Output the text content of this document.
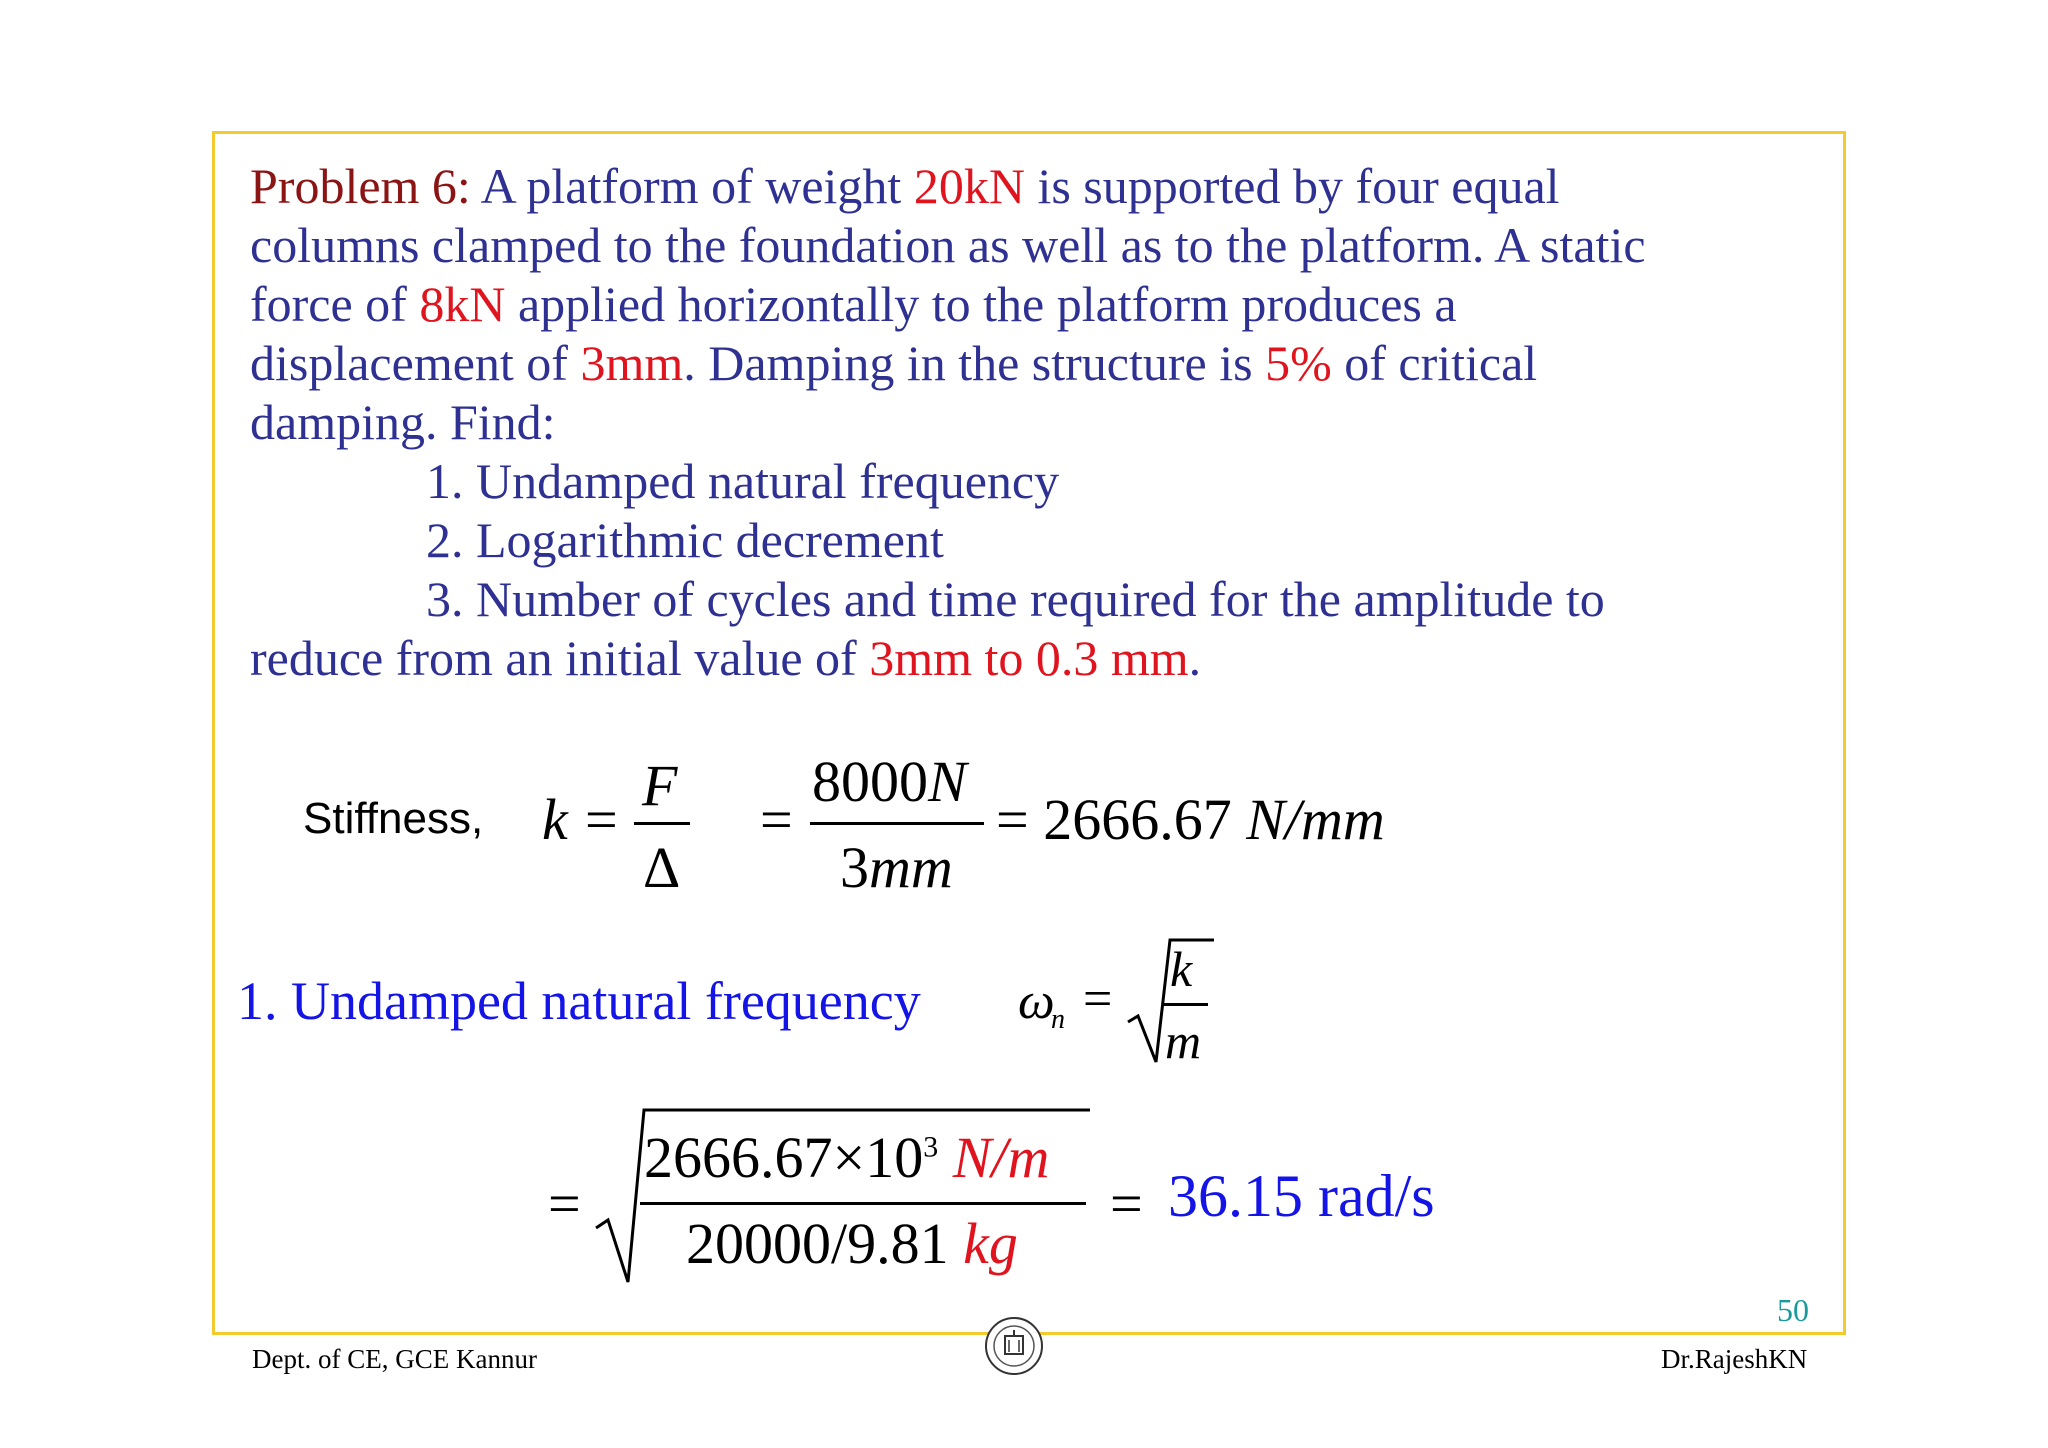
Problem 6: A platform of weight 20kN is supported by four equal
columns clamped to the foundation as well as to the platform. A static
force of 8kN applied horizontally to the platform produces a
displacement of 3mm. Damping in the structure is 5% of critical
damping. Find:
1. Undamped natural frequency
2. Logarithmic decrement
3. Number of cycles and time required for the amplitude to
reduce from an initial value of 3mm to 0.3 mm.
Stiffness, k =
F
Δ
=
8000N
3mm
= 2666.67 N/mm
1. Undamped natural frequency ω
n =
k
m
=
$2666.67\times 10^3$ N/m
20000/9.81 kg
= 36.15 rad/s
50
Dept. of CE, GCE Kannur	Dr.RajeshKN
